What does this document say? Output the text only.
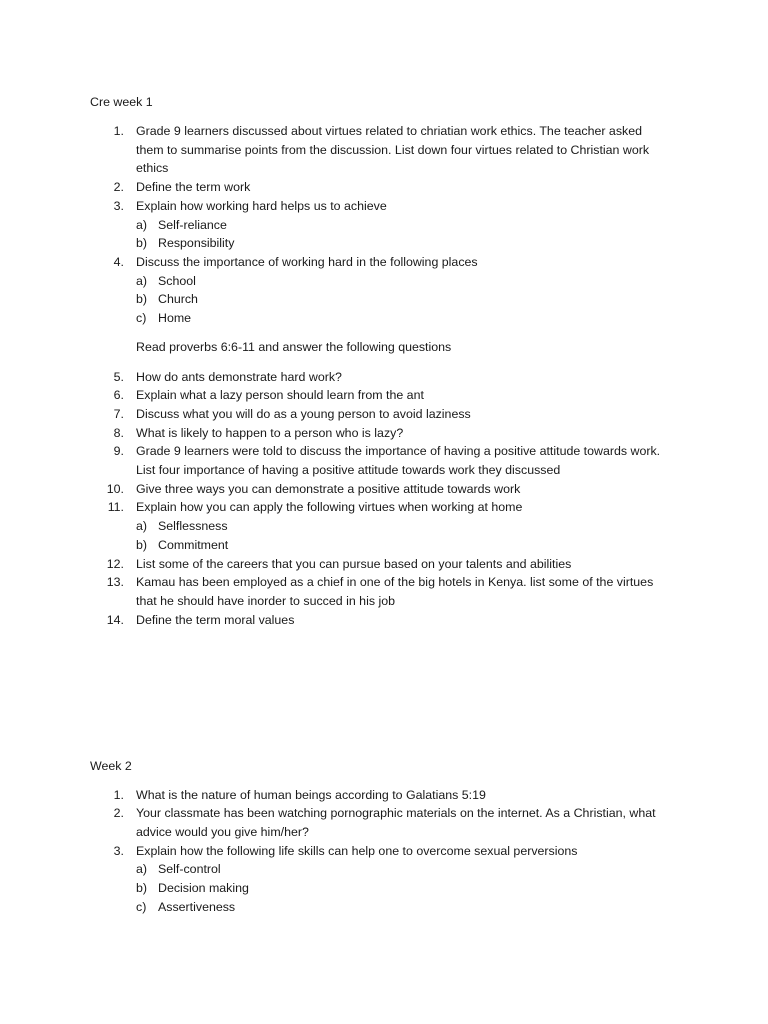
Cre week 1
1. Grade 9 learners discussed about virtues related to chriatian work ethics. The teacher asked
them to summarise points from the discussion. List down four virtues related to Christian work
ethics
2. Define the term work
3. Explain how working hard helps us to achieve
a) Self-reliance
b) Responsibility
4. Discuss the importance of working hard in the following places
a) School
b) Church
c) Home
Read proverbs 6:6-11 and answer the following questions
5. How do ants demonstrate hard work?
6. Explain what a lazy person should learn from the ant
7. Discuss what you will do as a young person to avoid laziness
8. What is likely to happen to a person who is lazy?
9. Grade 9 learners were told to discuss the importance of having a positive attitude towards work.
List four importance of having a positive attitude towards work they discussed
10. Give three ways you can demonstrate a positive attitude towards work
11. Explain how you can apply the following virtues when working at home
a) Selflessness
b) Commitment
12. List some of the careers that you can pursue based on your talents and abilities
13. Kamau has been employed as a chief in one of the big hotels in Kenya. list some of the virtues
that he should have inorder to succed in his job
14. Define the term moral values
Week 2
1. What is the nature of human beings according to Galatians 5:19
2. Your classmate has been watching pornographic materials on the internet. As a Christian, what
advice would you give him/her?
3. Explain how the following life skills can help one to overcome sexual perversions
a) Self-control
b) Decision making
c) Assertiveness
